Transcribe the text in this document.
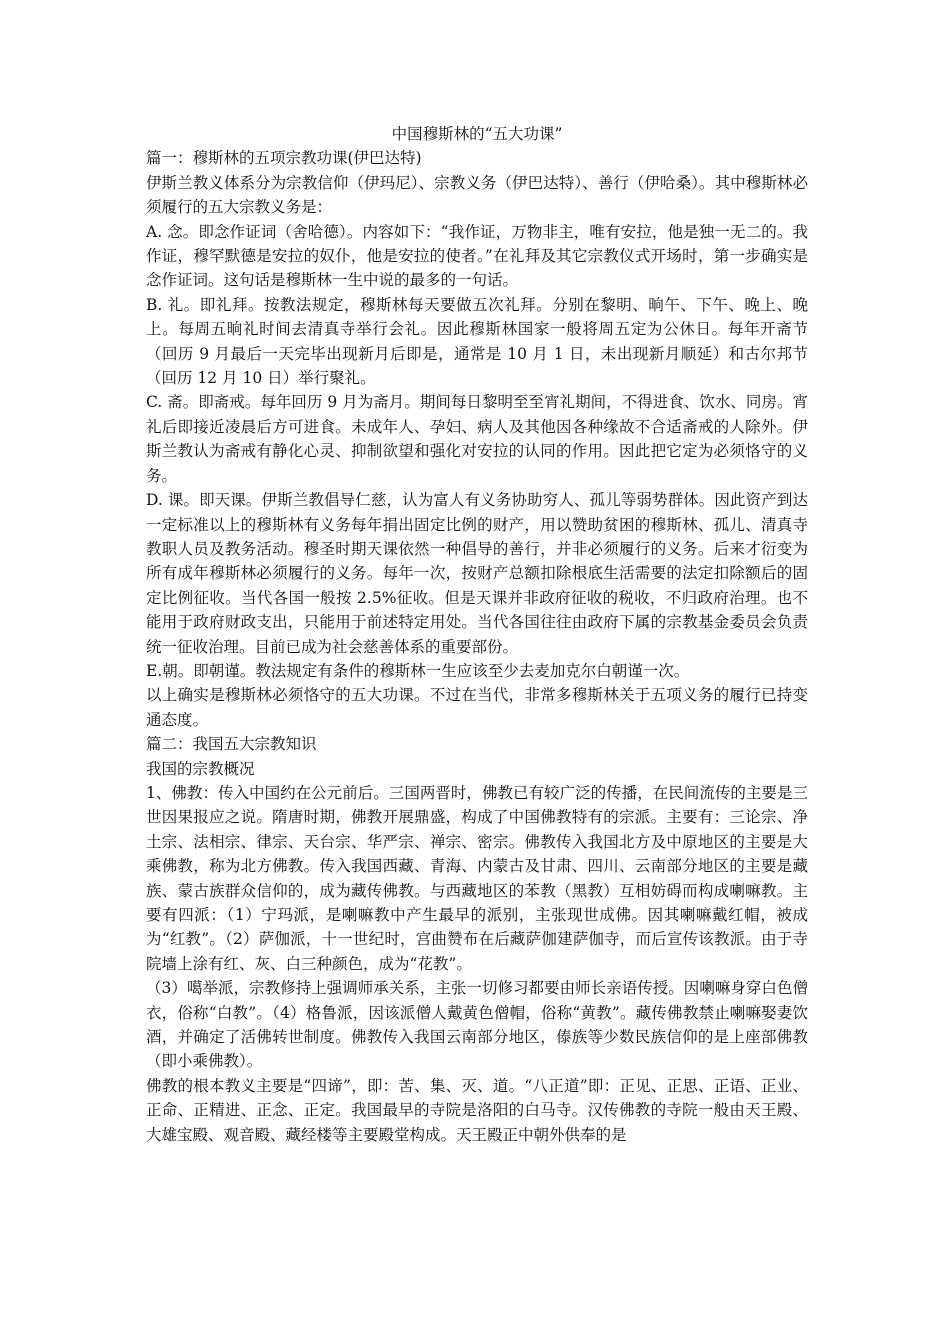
中国穆斯林的“五大功课”

篇一：穆斯林的五项宗教功课(伊巴达特)

伊斯兰教义体系分为宗教信仰（伊玛尼）、宗教义务（伊巴达特）、善行（伊哈桑）。其中穆斯林必须履行的五大宗教义务是：

A. 念。即念作证词（舍哈德）。内容如下：“我作证，万物非主，唯有安拉，他是独一无二的。我作证，穆罕默德是安拉的奴仆，他是安拉的使者。”在礼拜及其它宗教仪式开场时，第一步确实是念作证词。这句话是穆斯林一生中说的最多的一句话。

B. 礼。即礼拜。按教法规定，穆斯林每天要做五次礼拜。分别在黎明、晌午、下午、晚上、晚上。每周五晌礼时间去清真寺举行会礼。因此穆斯林国家一般将周五定为公休日。每年开斋节（回历 9 月最后一天完毕出现新月后即是，通常是 10 月 1 日，未出现新月顺延）和古尔邦节（回历 12 月 10 日）举行聚礼。

C. 斋。即斋戒。每年回历 9 月为斋月。期间每日黎明至至宵礼期间，不得进食、饮水、同房。宵礼后即接近凌晨后方可进食。未成年人、孕妇、病人及其他因各种缘故不合适斋戒的人除外。伊斯兰教认为斋戒有静化心灵、抑制欲望和强化对安拉的认同的作用。因此把它定为必须恪守的义务。

D. 课。即天课。伊斯兰教倡导仁慈，认为富人有义务协助穷人、孤儿等弱势群体。因此资产到达一定标准以上的穆斯林有义务每年捐出固定比例的财产，用以赞助贫困的穆斯林、孤儿、清真寺教职人员及教务活动。穆圣时期天课依然一种倡导的善行，并非必须履行的义务。后来才衍变为所有成年穆斯林必须履行的义务。每年一次，按财产总额扣除根底生活需要的法定扣除额后的固定比例征收。当代各国一般按 2.5%征收。但是天课并非政府征收的税收，不归政府治理。也不能用于政府财政支出，只能用于前述特定用处。当代各国往往由政府下属的宗教基金委员会负责统一征收治理。目前已成为社会慈善体系的重要部份。

E.朝。即朝谨。教法规定有条件的穆斯林一生应该至少去麦加克尔白朝谨一次。

以上确实是穆斯林必须恪守的五大功课。不过在当代，非常多穆斯林关于五项义务的履行已持变通态度。

篇二：我国五大宗教知识

我国的宗教概况

1、佛教：传入中国约在公元前后。三国两晋时，佛教已有较广泛的传播，在民间流传的主要是三世因果报应之说。隋唐时期，佛教开展鼎盛，构成了中国佛教特有的宗派。主要有：三论宗、净土宗、法相宗、律宗、天台宗、华严宗、禅宗、密宗。佛教传入我国北方及中原地区的主要是大乘佛教，称为北方佛教。传入我国西藏、青海、内蒙古及甘肃、四川、云南部分地区的主要是藏族、蒙古族群众信仰的，成为藏传佛教。与西藏地区的苯教（黑教）互相妨碍而构成喇嘛教。主要有四派：（1）宁玛派，是喇嘛教中产生最早的派别，主张现世成佛。因其喇嘛戴红帽，被成为“红教”。（2）萨伽派，十一世纪时，宫曲赞布在后藏萨伽建萨伽寺，而后宣传该教派。由于寺院墙上涂有红、灰、白三种颜色，成为“花教”。

（3）噶举派，宗教修持上强调师承关系，主张一切修习都要由师长亲语传授。因喇嘛身穿白色僧衣，俗称“白教”。（4）格鲁派，因该派僧人戴黄色僧帽，俗称“黄教”。藏传佛教禁止喇嘛娶妻饮酒，并确定了活佛转世制度。佛教传入我国云南部分地区，傣族等少数民族信仰的是上座部佛教（即小乘佛教）。

佛教的根本教义主要是“四谛”，即：苦、集、灭、道。“八正道”即：正见、正思、正语、正业、正命、正精进、正念、正定。我国最早的寺院是洛阳的白马寺。汉传佛教的寺院一般由天王殿、大雄宝殿、观音殿、藏经楼等主要殿堂构成。天王殿正中朝外供奉的是
